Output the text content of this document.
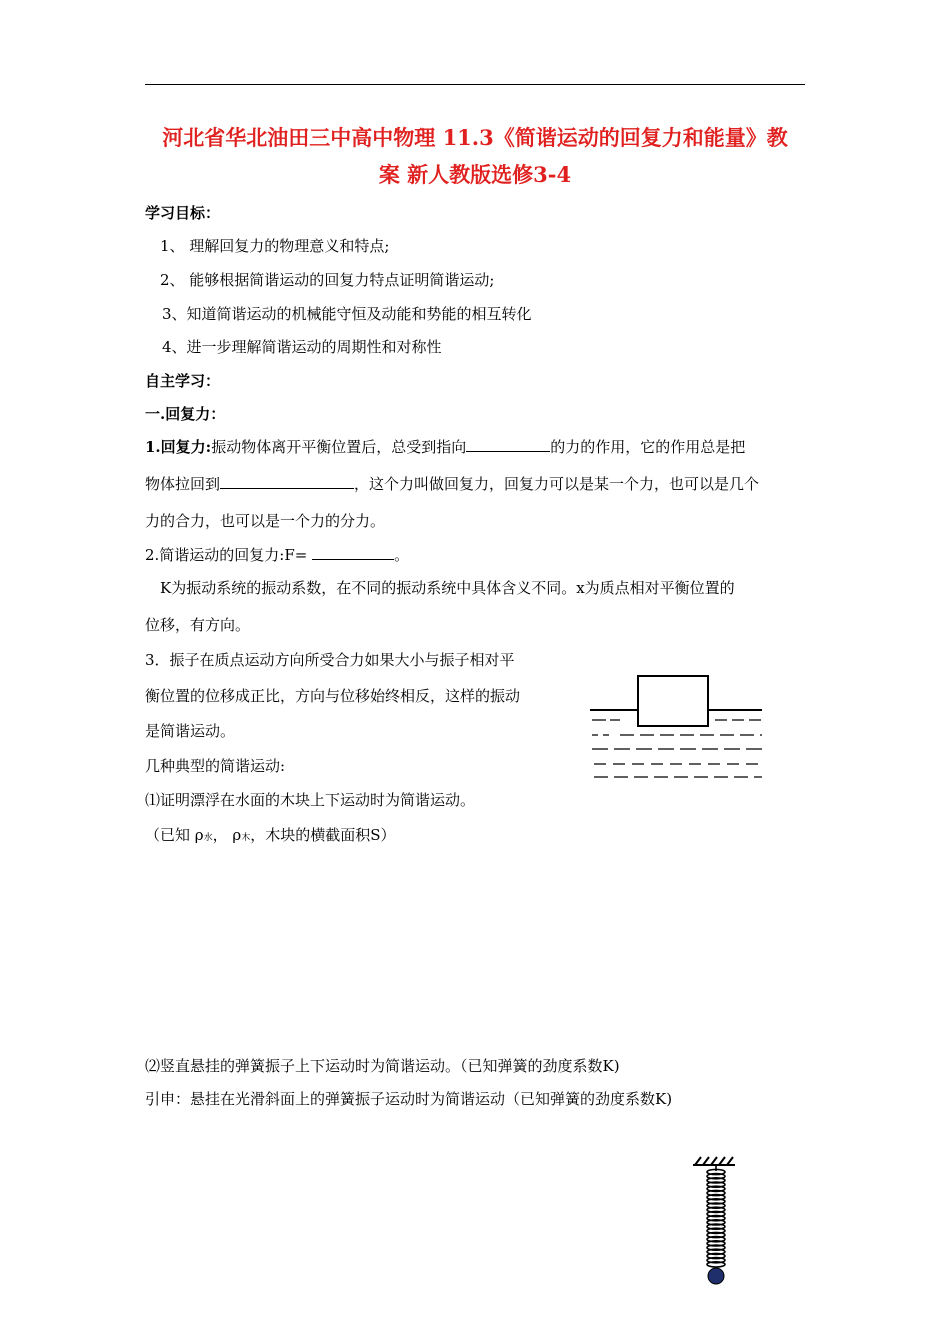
河北省华北油田三中高中物理 11.3《简谐运动的回复力和能量》教
案 新人教版选修3-4
学习目标：
1、 理解回复力的物理意义和特点;
2、 能够根据简谐运动的回复力特点证明简谐运动;
3、知道简谐运动的机械能守恒及动能和势能的相互转化
4、进一步理解简谐运动的周期性和对称性
自主学习：
一.回复力：
1.回复力:振动物体离开平衡位置后，总受到指向	的力的作用，它的作用总是把
物体拉回到	，这个力叫做回复力，回复力可以是某一个力，也可以是几个
力的合力，也可以是一个力的分力。
2.简谐运动的回复力:F=	。
K为振动系统的振动系数，在不同的振动系统中具体含义不同。x为质点相对平衡位置的
位移，有方向。
3．振子在质点运动方向所受合力如果大小与振子相对平
衡位置的位移成正比，方向与位移始终相反，这样的振动
是简谐运动。
几种典型的简谐运动:
⑴证明漂浮在水面的木块上下运动时为简谐运动。
（已知 ρ水， ρ木，木块的横截面积S）
⑵竖直悬挂的弹簧振子上下运动时为简谐运动。（已知弹簧的劲度系数K)
引申：悬挂在光滑斜面上的弹簧振子运动时为简谐运动（已知弹簧的劲度系数K)
